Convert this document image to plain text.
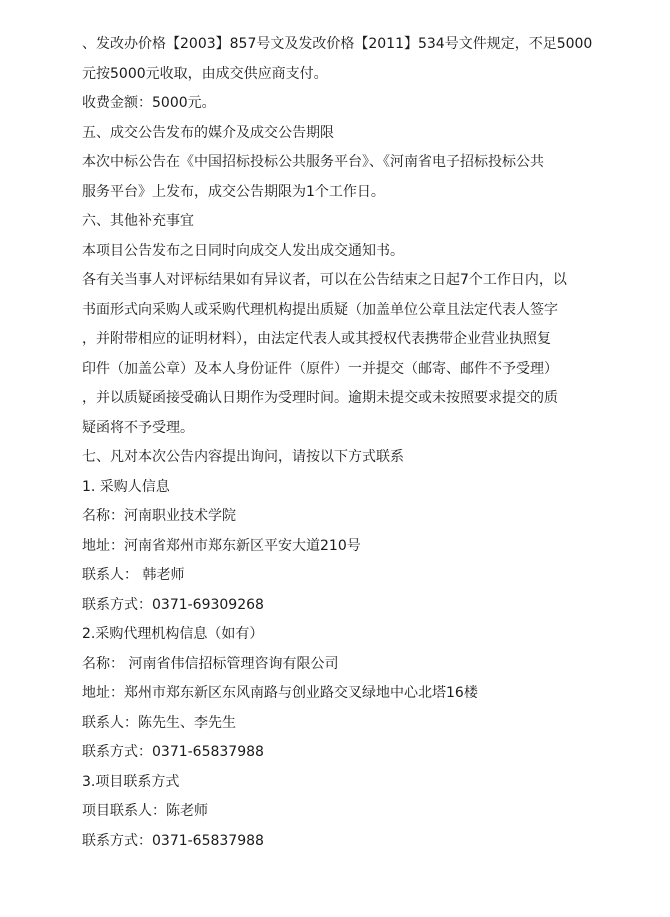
、发改办价格【2003】857号文及发改价格【2011】534号文件规定，不足5000
元按5000元收取，由成交供应商支付。
收费金额：5000元。
五、成交公告发布的媒介及成交公告期限
本次中标公告在《中国招标投标公共服务平台》、《河南省电子招标投标公共
服务平台》上发布，成交公告期限为1个工作日。
六、其他补充事宜
本项目公告发布之日同时向成交人发出成交通知书。
各有关当事人对评标结果如有异议者，可以在公告结束之日起7个工作日内，以
书面形式向采购人或采购代理机构提出质疑（加盖单位公章且法定代表人签字
，并附带相应的证明材料），由法定代表人或其授权代表携带企业营业执照复
印件（加盖公章）及本人身份证件（原件）一并提交（邮寄、邮件不予受理）
，并以质疑函接受确认日期作为受理时间。逾期未提交或未按照要求提交的质
疑函将不予受理。
七、凡对本次公告内容提出询问，请按以下方式联系
1. 采购人信息
名称：河南职业技术学院
地址：河南省郑州市郑东新区平安大道210号
联系人： 韩老师
联系方式：0371-69309268
2.采购代理机构信息（如有）
名称： 河南省伟信招标管理咨询有限公司
地址：郑州市郑东新区东风南路与创业路交叉绿地中心北塔16楼
联系人：陈先生、李先生
联系方式：0371-65837988
3.项目联系方式
项目联系人：陈老师
联系方式：0371-65837988
